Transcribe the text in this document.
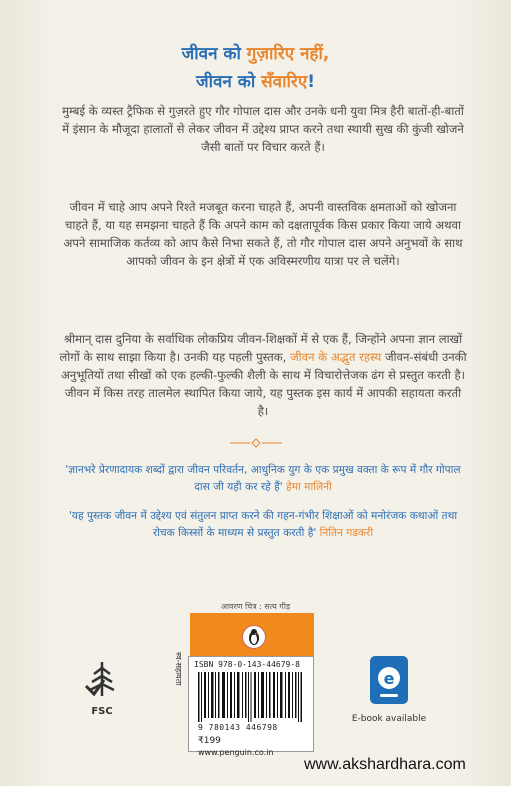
जीवन को गुज़ारिए नहीं,
जीवन को सँवारिए!
मुम्बई के व्यस्त ट्रैफिक से गुज़रते हुए गौर गोपाल दास और उनके धनी युवा मित्र हैरी बातों-ही-बातों में इंसान के मौजूदा हालातों से लेकर जीवन में उद्देश्य प्राप्त करने तथा स्थायी सुख की कुंजी खोजने जैसी बातों पर विचार करते हैं।
जीवन में चाहे आप अपने रिश्ते मजबूत करना चाहते हैं, अपनी वास्तविक क्षमताओं को खोजना चाहते हैं, या यह समझना चाहते हैं कि अपने काम को दक्षतापूर्वक किस प्रकार किया जाये अथवा अपने सामाजिक कर्तव्य को आप कैसे निभा सकते हैं, तो गौर गोपाल दास अपने अनुभवों के साथ आपको जीवन के इन क्षेत्रों में एक अविस्मरणीय यात्रा पर ले चलेंगे।
श्रीमान् दास दुनिया के सर्वाधिक लोकप्रिय जीवन-शिक्षकों में से एक हैं, जिन्होंने अपना ज्ञान लाखों लोगों के साथ साझा किया है। उनकी यह पहली पुस्तक, जीवन के अद्भुत रहस्य जीवन-संबंधी उनकी अनुभूतियों तथा सीखों को एक हल्की-फुल्की शैली के साथ में विचारोत्तेजक ढंग से प्रस्तुत करती है। जीवन में किस तरह तालमेल स्थापित किया जाये, यह पुस्तक इस कार्य में आपकी सहायता करती है।
'ज्ञानभरे प्रेरणादायक शब्दों द्वारा जीवन परिवर्तन, आधुनिक युग के एक प्रमुख वक्ता के रूप में गौर गोपाल दास जी यही कर रहे हैं' हेमा मालिनी
'यह पुस्तक जीवन में उद्देश्य एवं संतुलन प्राप्त करने की गहन-गंभीर शिक्षाओं को मनोरंजक कथाओं तथा रोचक किस्सों के माध्यम से प्रस्तुत करती है' नितिन गडकरी
आवरण चित्र : सत्य गीड़
स्व-सहायता ISBN 978-0-143-44679-8
9 780143 446798
₹199
www.penguin.co.in
FSC
e
E-book available
www.akshardhara.com
